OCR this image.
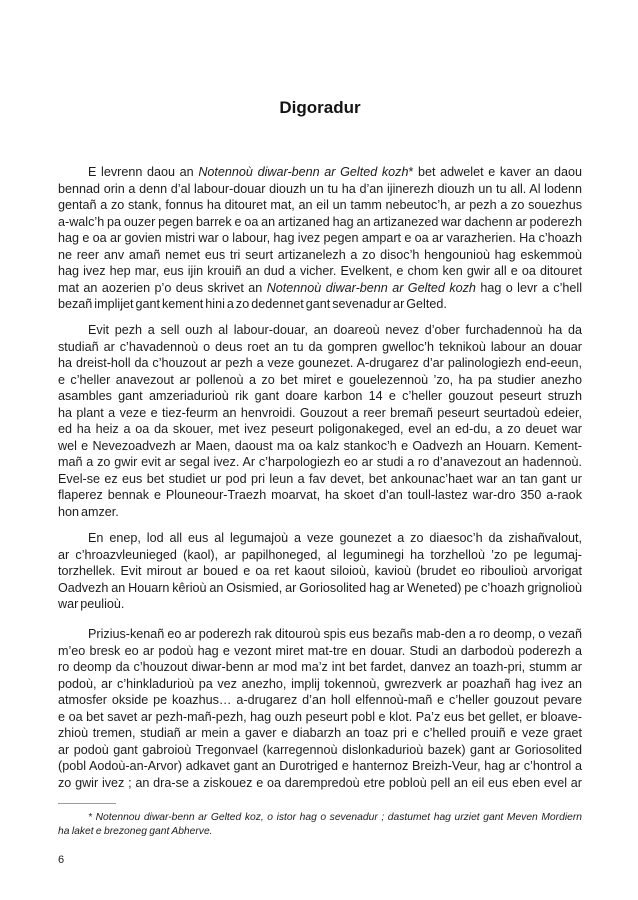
Digoradur
E levrenn daou an Notennoù diwar-benn ar Gelted kozh* bet adwelet e kaver an daou
bennad orin a denn d’al labour-douar diouzh un tu ha d’an ijinerezh diouzh un tu all. Al lodenn
gentañ a zo stank, fonnus ha ditouret mat, an eil un tamm nebeutoc’h, ar pezh a zo souezhus
a-walc’h pa ouzer pegen barrek e oa an artizaned hag an artizanezed war dachenn ar poderezh
hag e oa ar govien mistri war o labour, hag ivez pegen ampart e oa ar varazherien. Ha c’hoazh
ne reer anv amañ nemet eus tri seurt artizanelezh a zo disoc’h hengounioù hag eskemmoù
hag ivez hep mar, eus ijin krouiñ an dud a vicher. Evelkent, e chom ken gwir all e oa ditouret
mat an aozerien p’o deus skrivet an Notennoù diwar-benn ar Gelted kozh hag o levr a c’hell
bezañ implijet gant kement hini a zo dedennet gant sevenadur ar Gelted.
Evit pezh a sell ouzh al labour-douar, an doareoù nevez d’ober furchadennoù ha da
studiañ ar c’havadennoù o deus roet an tu da gompren gwelloc’h teknikoù labour an douar
ha dreist-holl da c’houzout ar pezh a veze gounezet. A-drugarez d’ar palinologiezh end-eeun,
e c’heller anavezout ar pollenoù a zo bet miret e gouelezennoù ’zo, ha pa studier anezho
asambles gant amzeriadurioù rik gant doare karbon 14 e c’heller gouzout peseurt struzh
ha plant a veze e tiez-feurm an henvroidi. Gouzout a reer bremañ peseurt seurtadoù edeier,
ed ha heiz a oa da skouer, met ivez peseurt poligonakeged, evel an ed-du, a zo deuet war
wel e Nevezoadvezh ar Maen, daoust ma oa kalz stankoc’h e Oadvezh an Houarn. Kement-
mañ a zo gwir evit ar segal ivez. Ar c’harpologiezh eo ar studi a ro d’anavezout an hadennoù.
Evel-se ez eus bet studiet ur pod pri leun a fav devet, bet ankounac’haet war an tan gant ur
flaperez bennak e Plouneour-Traezh moarvat, ha skoet d’an toull-lastez war-dro 350 a-raok
hon amzer.
En enep, lod all eus al legumajoù a veze gounezet a zo diaesoc’h da zishañvalout,
ar c’hroazvleunieged (kaol), ar papilhoneged, al leguminegi ha torzhelloù ’zo pe legumaj-
torzhellek. Evit mirout ar boued e oa ret kaout siloioù, kavioù (brudet eo riboulioù arvorigat
Oadvezh an Houarn kêrioù an Osismied, ar Goriosolited hag ar Weneted) pe c’hoazh grignolioù
war peulioù.
Prizius-kenañ eo ar poderezh rak ditouroù spis eus bezañs mab-den a ro deomp, o vezañ
m’eo bresk eo ar podoù hag e vezont miret mat-tre en douar. Studi an darbodoù poderezh a
ro deomp da c’houzout diwar-benn ar mod ma’z int bet fardet, danvez an toazh-pri, stumm ar
podoù, ar c’hinkladurioù pa vez anezho, implij tokennoù, gwrezverk ar poazhañ hag ivez an
atmosfer okside pe koazhus… a-drugarez d’an holl elfennoù-mañ e c’heller gouzout pevare
e oa bet savet ar pezh-mañ-pezh, hag ouzh peseurt pobl e klot. Pa’z eus bet gellet, er bloave-
zhioù tremen, studiañ ar mein a gaver e diabarzh an toaz pri e c’helled prouiñ e veze graet
ar podoù gant gabroioù Tregonvael (karregennoù dislonkadurioù bazek) gant ar Goriosolited
(pobl Aodoù-an-Arvor) adkavet gant an Durotriged e hanternoz Breizh-Veur, hag ar c’hontrol a
zo gwir ivez ; an dra-se a ziskouez e oa darempredoù etre pobloù pell an eil eus eben evel ar
* Notennou diwar-benn ar Gelted koz, o istor hag o sevenadur ; dastumet hag urziet gant Meven Mordiern
ha laket e brezoneg gant Abherve.
6
